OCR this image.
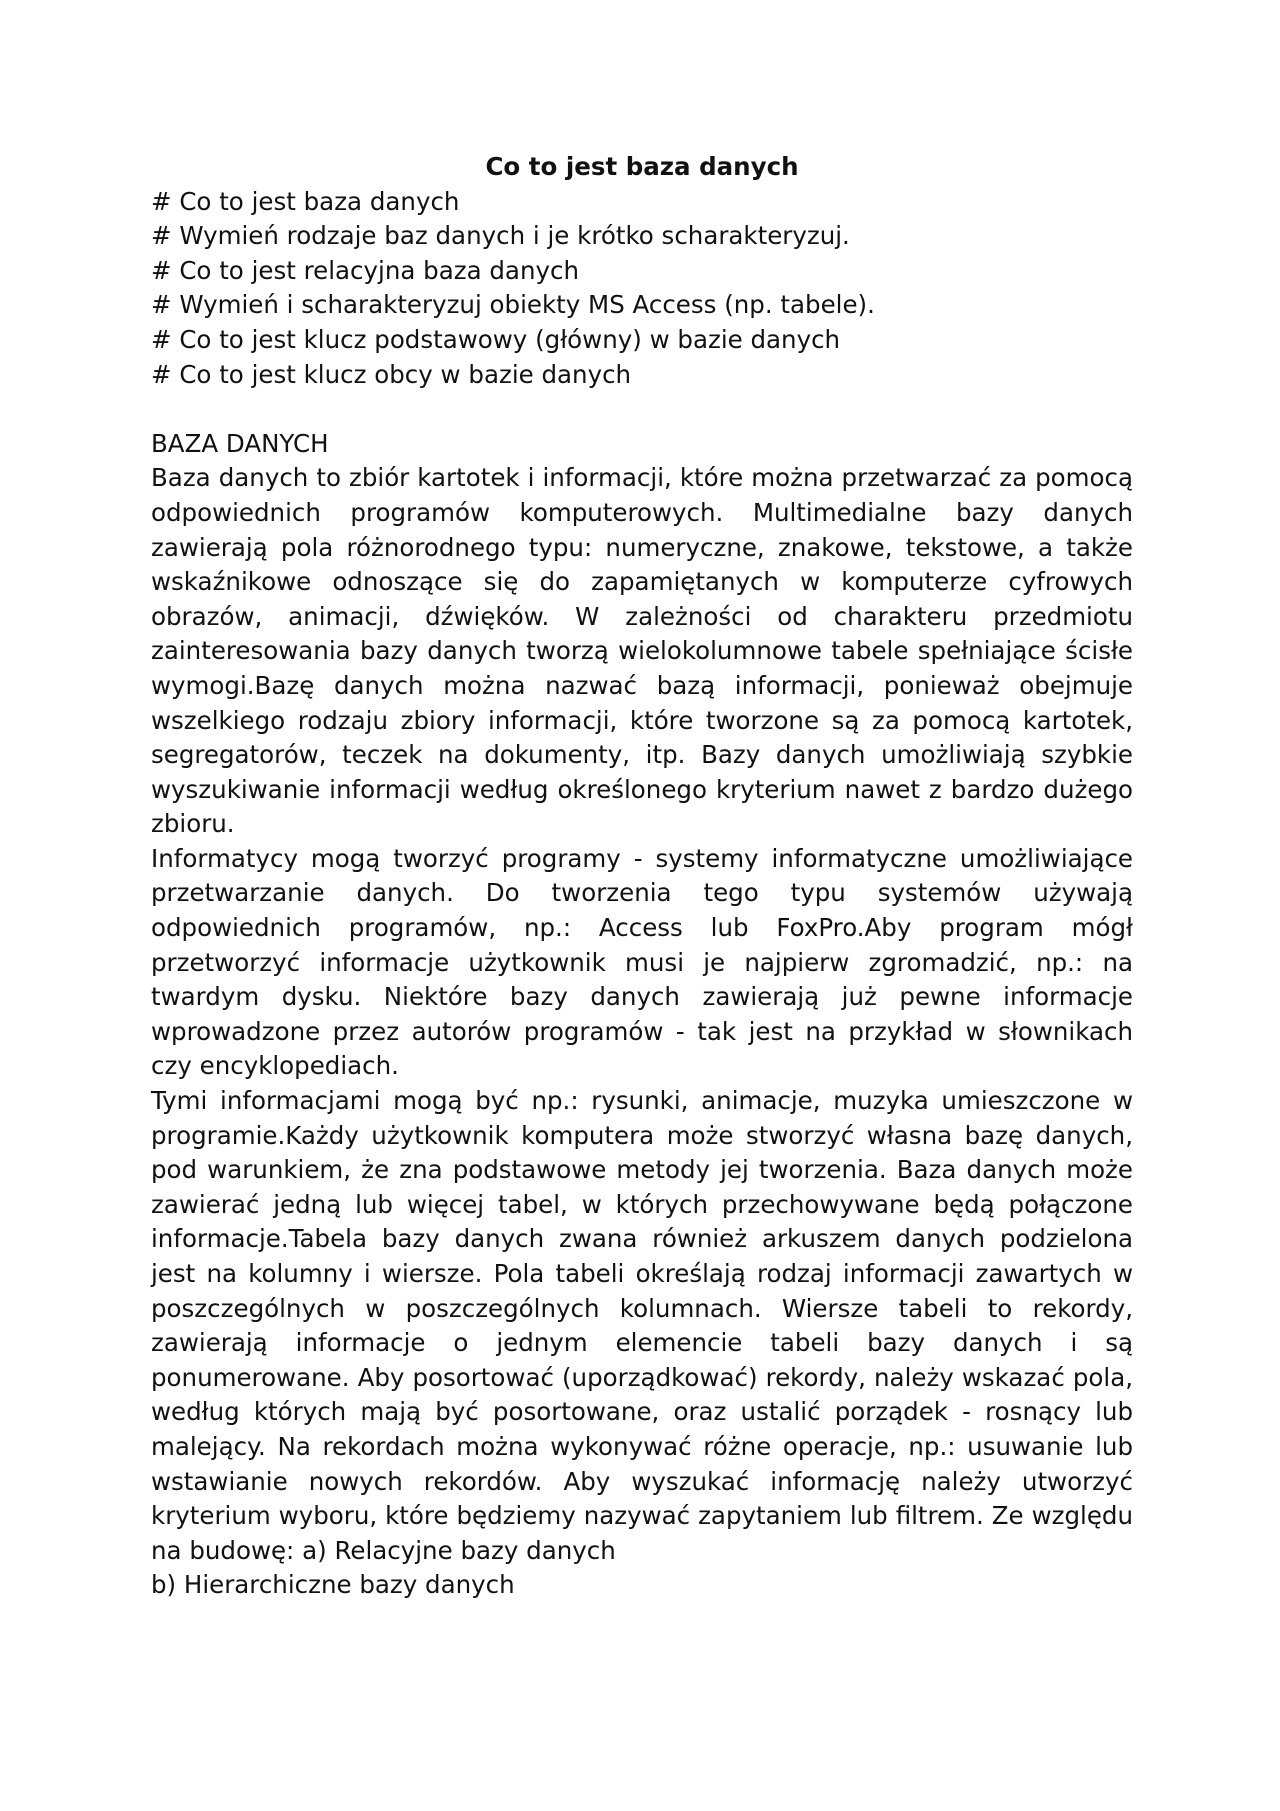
Co to jest baza danych

# Co to jest baza danych

# Wymień rodzaje baz danych i je krótko scharakteryzuj.

# Co to jest relacyjna baza danych

# Wymień i scharakteryzuj obiekty MS Access (np. tabele).

# Co to jest klucz podstawowy (główny) w bazie danych

# Co to jest klucz obcy w bazie danych

BAZA DANYCH

Baza danych to zbiór kartotek i informacji, które można przetwarzać za pomocą odpowiednich programów komputerowych. Multimedialne bazy danych zawierają pola różnorodnego typu: numeryczne, znakowe, tekstowe, a także wskaźnikowe odnoszące się do zapamiętanych w komputerze cyfrowych obrazów, animacji, dźwięków. W zależności od charakteru przedmiotu zainteresowania bazy danych tworzą wielokolumnowe tabele spełniające ścisłe wymogi.Bazę danych można nazwać bazą informacji, ponieważ obejmuje wszelkiego rodzaju zbiory informacji, które tworzone są za pomocą kartotek, segregatorów, teczek na dokumenty, itp. Bazy danych umożliwiają szybkie wyszukiwanie informacji według określonego kryterium nawet z bardzo dużego zbioru.

Informatycy mogą tworzyć programy - systemy informatyczne umożliwiające przetwarzanie danych. Do tworzenia tego typu systemów używają odpowiednich programów, np.: Access lub FoxPro.Aby program mógł przetworzyć informacje użytkownik musi je najpierw zgromadzić, np.: na twardym dysku. Niektóre bazy danych zawierają już pewne informacje wprowadzone przez autorów programów - tak jest na przykład w słownikach czy encyklopediach.

Tymi informacjami mogą być np.: rysunki, animacje, muzyka umieszczone w programie.Każdy użytkownik komputera może stworzyć własna bazę danych, pod warunkiem, że zna podstawowe metody jej tworzenia. Baza danych może zawierać jedną lub więcej tabel, w których przechowywane będą połączone informacje.Tabela bazy danych zwana również arkuszem danych podzielona jest na kolumny i wiersze. Pola tabeli określają rodzaj informacji zawartych w poszczególnych w poszczególnych kolumnach. Wiersze tabeli to rekordy, zawierają informacje o jednym elemencie tabeli bazy danych i są ponumerowane. Aby posortować (uporządkować) rekordy, należy wskazać pola, według których mają być posortowane, oraz ustalić porządek - rosnący lub malejący. Na rekordach można wykonywać różne operacje, np.: usuwanie lub wstawianie nowych rekordów. Aby wyszukać informację należy utworzyć kryterium wyboru, które będziemy nazywać zapytaniem lub filtrem. Ze względu na budowę: a) Relacyjne bazy danych

b) Hierarchiczne bazy danych
